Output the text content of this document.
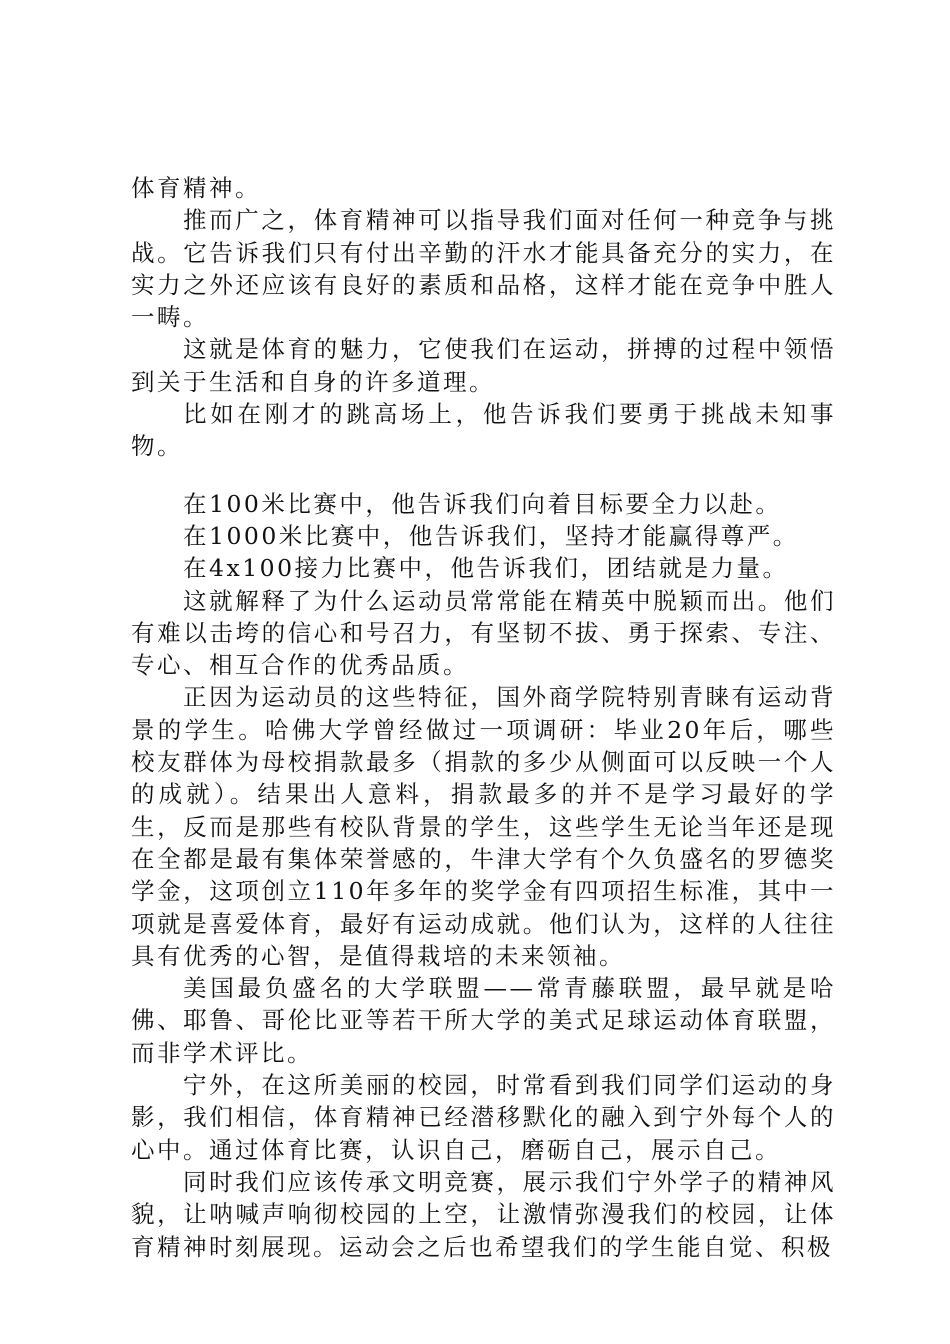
体育精神。

推而广之，体育精神可以指导我们面对任何一种竞争与挑战。它告诉我们只有付出辛勤的汗水才能具备充分的实力，在实力之外还应该有良好的素质和品格，这样才能在竞争中胜人一畴。

这就是体育的魅力，它使我们在运动，拼搏的过程中领悟到关于生活和自身的许多道理。

比如在刚才的跳高场上，他告诉我们要勇于挑战未知事物。

在100米比赛中，他告诉我们向着目标要全力以赴。

在1000米比赛中，他告诉我们，坚持才能赢得尊严。

在4x100接力比赛中，他告诉我们，团结就是力量。

这就解释了为什么运动员常常能在精英中脱颖而出。他们有难以击垮的信心和号召力，有坚韧不拔、勇于探索、专注、专心、相互合作的优秀品质。

正因为运动员的这些特征，国外商学院特别青睐有运动背景的学生。哈佛大学曾经做过一项调研：毕业20年后，哪些校友群体为母校捐款最多（捐款的多少从侧面可以反映一个人的成就）。结果出人意料，捐款最多的并不是学习最好的学生，反而是那些有校队背景的学生，这些学生无论当年还是现在全都是最有集体荣誉感的，牛津大学有个久负盛名的罗德奖学金，这项创立110年多年的奖学金有四项招生标准，其中一项就是喜爱体育，最好有运动成就。他们认为，这样的人往往具有优秀的心智，是值得栽培的未来领袖。

美国最负盛名的大学联盟——常青藤联盟，最早就是哈佛、耶鲁、哥伦比亚等若干所大学的美式足球运动体育联盟，而非学术评比。

宁外，在这所美丽的校园，时常看到我们同学们运动的身影，我们相信，体育精神已经潜移默化的融入到宁外每个人的心中。通过体育比赛，认识自己，磨砺自己，展示自己。

同时我们应该传承文明竞赛，展示我们宁外学子的精神风貌，让呐喊声响彻校园的上空，让激情弥漫我们的校园，让体育精神时刻展现。运动会之后也希望我们的学生能自觉、积极
